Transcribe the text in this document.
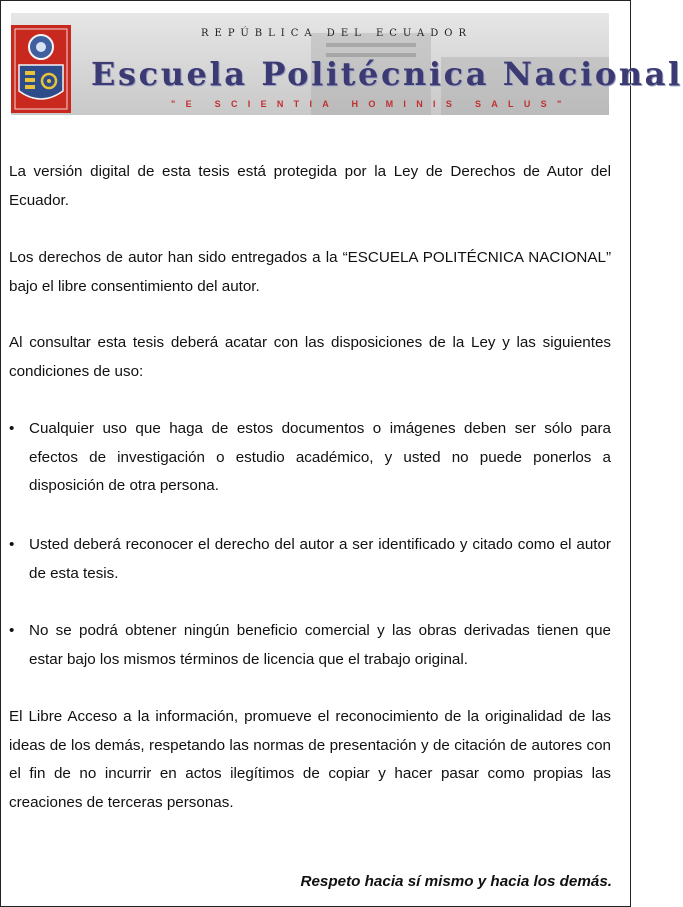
REPÚBLICA DEL ECUADOR
Escuela Politécnica Nacional
"E SCIENTIA HOMINIS SALUS"
La versión digital de esta tesis está protegida por la Ley de Derechos de Autor del Ecuador.
Los derechos de autor han sido entregados a la “ESCUELA POLITÉCNICA NACIONAL” bajo el libre consentimiento del autor.
Al consultar esta tesis deberá acatar con las disposiciones de la Ley y las siguientes condiciones de uso:
• Cualquier uso que haga de estos documentos o imágenes deben ser sólo para efectos de investigación o estudio académico, y usted no puede ponerlos a disposición de otra persona.
• Usted deberá reconocer el derecho del autor a ser identificado y citado como el autor de esta tesis.
• No se podrá obtener ningún beneficio comercial y las obras derivadas tienen que estar bajo los mismos términos de licencia que el trabajo original.
El Libre Acceso a la información, promueve el reconocimiento de la originalidad de las ideas de los demás, respetando las normas de presentación y de citación de autores con el fin de no incurrir en actos ilegítimos de copiar y hacer pasar como propias las creaciones de terceras personas.
Respeto hacia sí mismo y hacia los demás.
